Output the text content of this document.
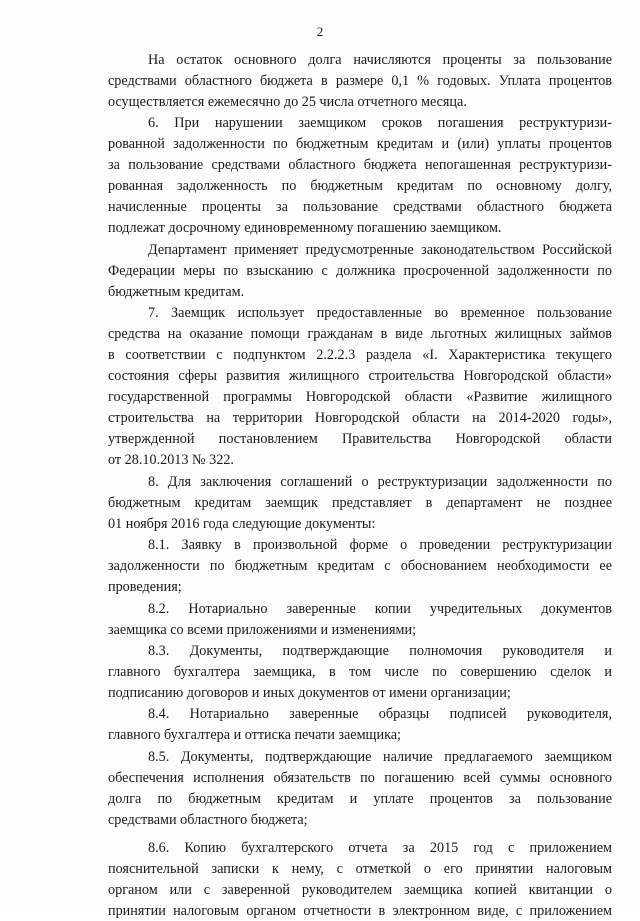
2
На остаток основного долга начисляются проценты за пользование
средствами областного бюджета в размере 0,1 % годовых. Уплата процентов
осуществляется ежемесячно до 25 числа отчетного месяца.
6. При нарушении заемщиком сроков погашения реструктуризи-
рованной задолженности по бюджетным кредитам и (или) уплаты процентов
за пользование средствами областного бюджета непогашенная реструктуризи-
рованная задолженность по бюджетным кредитам по основному долгу,
начисленные проценты за пользование средствами областного бюджета
подлежат досрочному единовременному погашению заемщиком.
Департамент применяет предусмотренные законодательством Российской
Федерации меры по взысканию с должника просроченной задолженности по
бюджетным кредитам.
7. Заемщик использует предоставленные во временное пользование
средства на оказание помощи гражданам в виде льготных жилищных займов
в соответствии с подпунктом 2.2.2.3 раздела «I. Характеристика текущего
состояния сферы развития жилищного строительства Новгородской области»
государственной программы Новгородской области «Развитие жилищного
строительства на территории Новгородской области на 2014-2020 годы»,
утвержденной постановлением Правительства Новгородской области
от 28.10.2013 № 322.
8. Для заключения соглашений о реструктуризации задолженности по
бюджетным кредитам заемщик представляет в департамент не позднее
01 ноября 2016 года следующие документы:
8.1. Заявку в произвольной форме о проведении реструктуризации
задолженности по бюджетным кредитам с обоснованием необходимости ее
проведения;
8.2. Нотариально заверенные копии учредительных документов
заемщика со всеми приложениями и изменениями;
8.3. Документы, подтверждающие полномочия руководителя и
главного бухгалтера заемщика, в том числе по совершению сделок и
подписанию договоров и иных документов от имени организации;
8.4. Нотариально заверенные образцы подписей руководителя,
главного бухгалтера и оттиска печати заемщика;
8.5. Документы, подтверждающие наличие предлагаемого заемщиком
обеспечения исполнения обязательств по погашению всей суммы основного
долга по бюджетным кредитам и уплате процентов за пользование
средствами областного бюджета;
8.6. Копию бухгалтерского отчета за 2015 год с приложением
пояснительной записки к нему, с отметкой о его принятии налоговым
органом или с заверенной руководителем заемщика копией квитанции о
принятии налоговым органом отчетности в электронном виде, с приложением
